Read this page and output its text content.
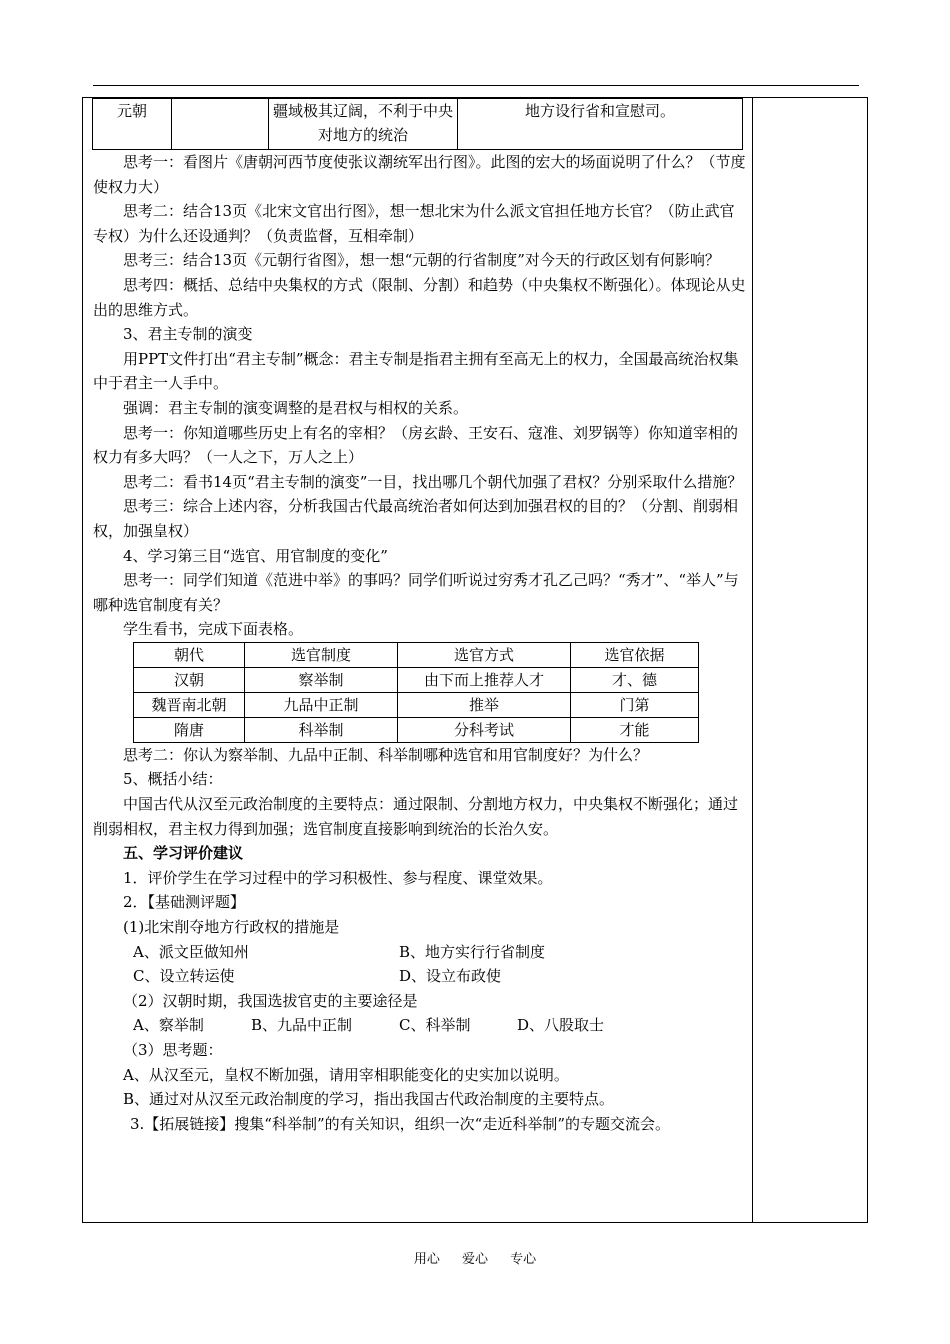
元朝		疆域极其辽阔，不利于中央对地方的统治	地方设行省和宣慰司。

思考一：看图片《唐朝河西节度使张议潮统军出行图》。此图的宏大的场面说明了什么？（节度使权力大）

思考二：结合13页《北宋文官出行图》，想一想北宋为什么派文官担任地方长官？（防止武官专权）为什么还设通判？（负责监督，互相牵制）

思考三：结合13页《元朝行省图》，想一想“元朝的行省制度”对今天的行政区划有何影响？

思考四：概括、总结中央集权的方式（限制、分割）和趋势（中央集权不断强化）。体现论从史出的思维方式。

3、君主专制的演变

用PPT文件打出“君主专制”概念：君主专制是指君主拥有至高无上的权力，全国最高统治权集中于君主一人手中。

强调：君主专制的演变调整的是君权与相权的关系。

思考一：你知道哪些历史上有名的宰相？（房玄龄、王安石、寇准、刘罗锅等）你知道宰相的权力有多大吗？（一人之下，万人之上）

思考二：看书14页“君主专制的演变”一目，找出哪几个朝代加强了君权？分别采取什么措施？

思考三：综合上述内容，分析我国古代最高统治者如何达到加强君权的目的？（分割、削弱相权，加强皇权）

4、学习第三目“选官、用官制度的变化”

思考一：同学们知道《范进中举》的事吗？同学们听说过穷秀才孔乙己吗？“秀才”、“举人”与哪种选官制度有关？

学生看书，完成下面表格。

朝代	选官制度	选官方式	选官依据
汉朝	察举制	由下而上推荐人才	才、德
魏晋南北朝	九品中正制	推举	门第
隋唐	科举制	分科考试	才能

思考二：你认为察举制、九品中正制、科举制哪种选官和用官制度好？为什么？

5、概括小结：

中国古代从汉至元政治制度的主要特点：通过限制、分割地方权力，中央集权不断强化；通过削弱相权，君主权力得到加强；选官制度直接影响到统治的长治久安。

五、学习评价建议

1．评价学生在学习过程中的学习积极性、参与程度、课堂效果。

2．【基础测评题】

(1)北宋削夺地方行政权的措施是

A、派文臣做知州	B、地方实行行省制度
C、设立转运使	D、设立布政使

（2）汉朝时期，我国选拔官吏的主要途径是

A、察举制	B、九品中正制	C、科举制	D、八股取士

（3）思考题：

A、从汉至元，皇权不断加强，请用宰相职能变化的史实加以说明。

B、通过对从汉至元政治制度的学习，指出我国古代政治制度的主要特点。

3.【拓展链接】搜集“科举制”的有关知识，组织一次“走近科举制”的专题交流会。

用心 爱心 专心
